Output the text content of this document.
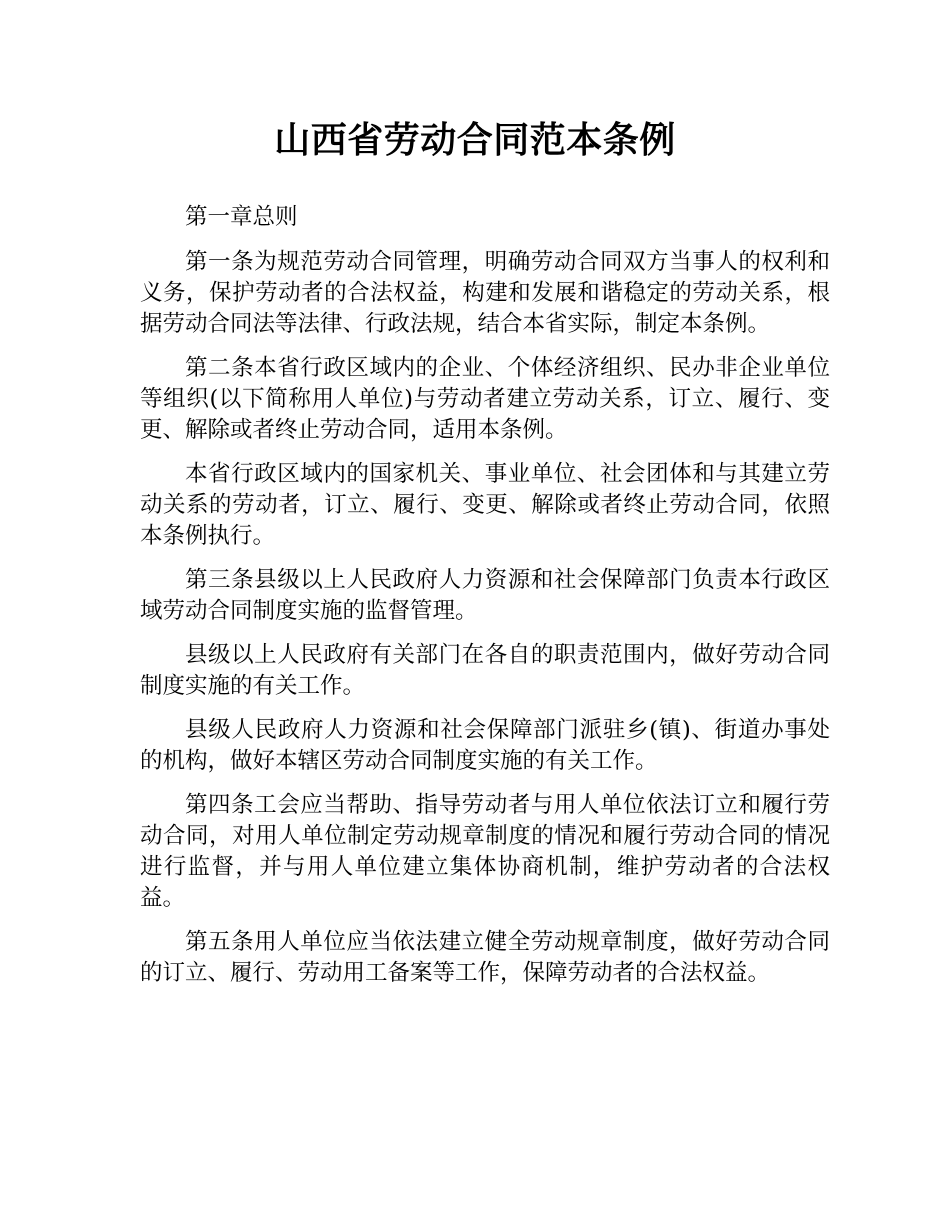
山西省劳动合同范本条例

第一章总则

第一条为规范劳动合同管理，明确劳动合同双方当事人的权利和义务，保护劳动者的合法权益，构建和发展和谐稳定的劳动关系，根据劳动合同法等法律、行政法规，结合本省实际，制定本条例。

第二条本省行政区域内的企业、个体经济组织、民办非企业单位等组织(以下简称用人单位)与劳动者建立劳动关系，订立、履行、变更、解除或者终止劳动合同，适用本条例。

本省行政区域内的国家机关、事业单位、社会团体和与其建立劳动关系的劳动者，订立、履行、变更、解除或者终止劳动合同，依照本条例执行。

第三条县级以上人民政府人力资源和社会保障部门负责本行政区域劳动合同制度实施的监督管理。

县级以上人民政府有关部门在各自的职责范围内，做好劳动合同制度实施的有关工作。

县级人民政府人力资源和社会保障部门派驻乡(镇)、街道办事处的机构，做好本辖区劳动合同制度实施的有关工作。

第四条工会应当帮助、指导劳动者与用人单位依法订立和履行劳动合同，对用人单位制定劳动规章制度的情况和履行劳动合同的情况进行监督，并与用人单位建立集体协商机制，维护劳动者的合法权益。

第五条用人单位应当依法建立健全劳动规章制度，做好劳动合同的订立、履行、劳动用工备案等工作，保障劳动者的合法权益。
